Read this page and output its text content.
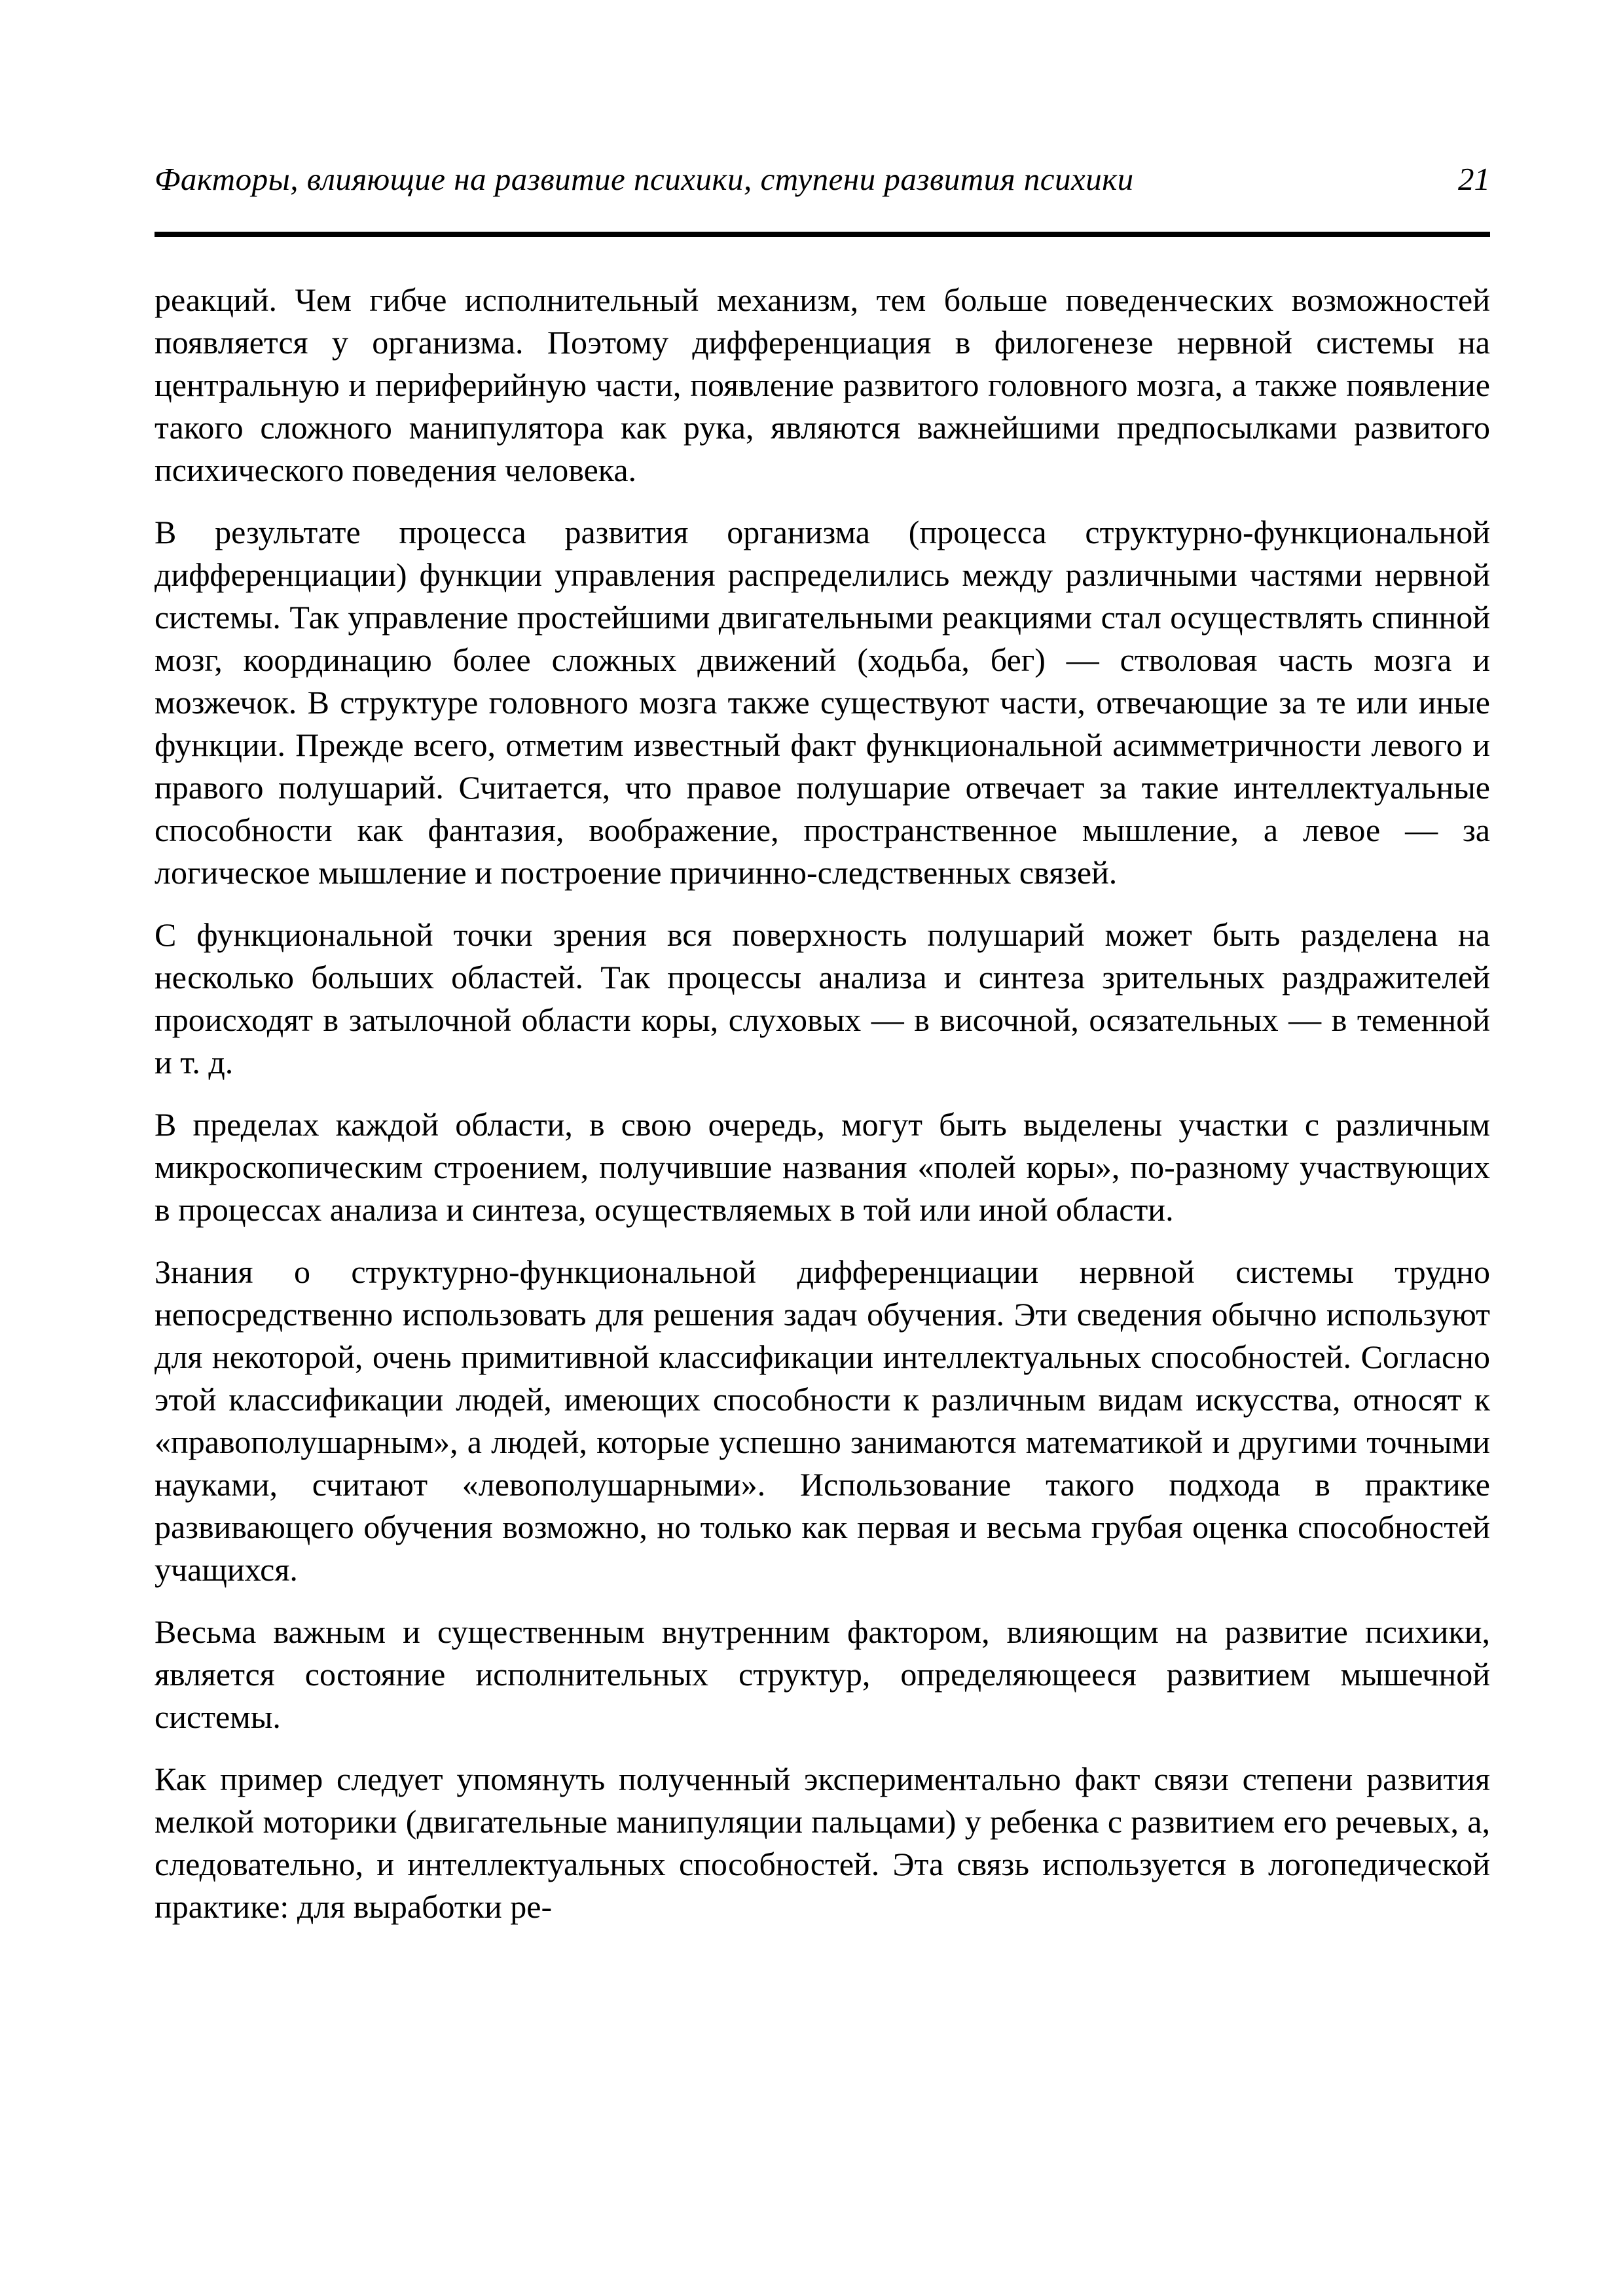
Факторы, влияющие на развитие психики, ступени развития психики	21

реакций. Чем гибче исполнительный механизм, тем больше поведенческих возможностей появляется у организма. Поэтому дифференциация в филогенезе нервной системы на центральную и периферийную части, появление развитого головного мозга, а также появление такого сложного манипулятора как рука, являются важнейшими предпосылками развитого психического поведения человека.

В результате процесса развития организма (процесса структурно-функциональной дифференциации) функции управления распределились между различными частями нервной системы. Так управление простейшими двигательными реакциями стал осуществлять спинной мозг, координацию более сложных движений (ходьба, бег) — стволовая часть мозга и мозжечок. В структуре головного мозга также существуют части, отвечающие за те или иные функции. Прежде всего, отметим известный факт функциональной асимметричности левого и правого полушарий. Считается, что правое полушарие отвечает за такие интеллектуальные способности как фантазия, воображение, пространственное мышление, а левое — за логическое мышление и построение причинно-следственных связей.

С функциональной точки зрения вся поверхность полушарий может быть разделена на несколько больших областей. Так процессы анализа и синтеза зрительных раздражителей происходят в затылочной области коры, слуховых — в височной, осязательных — в теменной и т. д.

В пределах каждой области, в свою очередь, могут быть выделены участки с различным микроскопическим строением, получившие названия «полей коры», по-разному участвующих в процессах анализа и синтеза, осуществляемых в той или иной области.

Знания о структурно-функциональной дифференциации нервной системы трудно непосредственно использовать для решения задач обучения. Эти сведения обычно используют для некоторой, очень примитивной классификации интеллектуальных способностей. Согласно этой классификации людей, имеющих способности к различным видам искусства, относят к «правополушарным», а людей, которые успешно занимаются математикой и другими точными науками, считают «левополушарными». Использование такого подхода в практике развивающего обучения возможно, но только как первая и весьма грубая оценка способностей учащихся.

Весьма важным и существенным внутренним фактором, влияющим на развитие психики, является состояние исполнительных структур, определяющееся развитием мышечной системы.

Как пример следует упомянуть полученный экспериментально факт связи степени развития мелкой моторики (двигательные манипуляции пальцами) у ребенка с развитием его речевых, а, следовательно, и интеллектуальных способностей. Эта связь используется в логопедической практике: для выработки ре-
